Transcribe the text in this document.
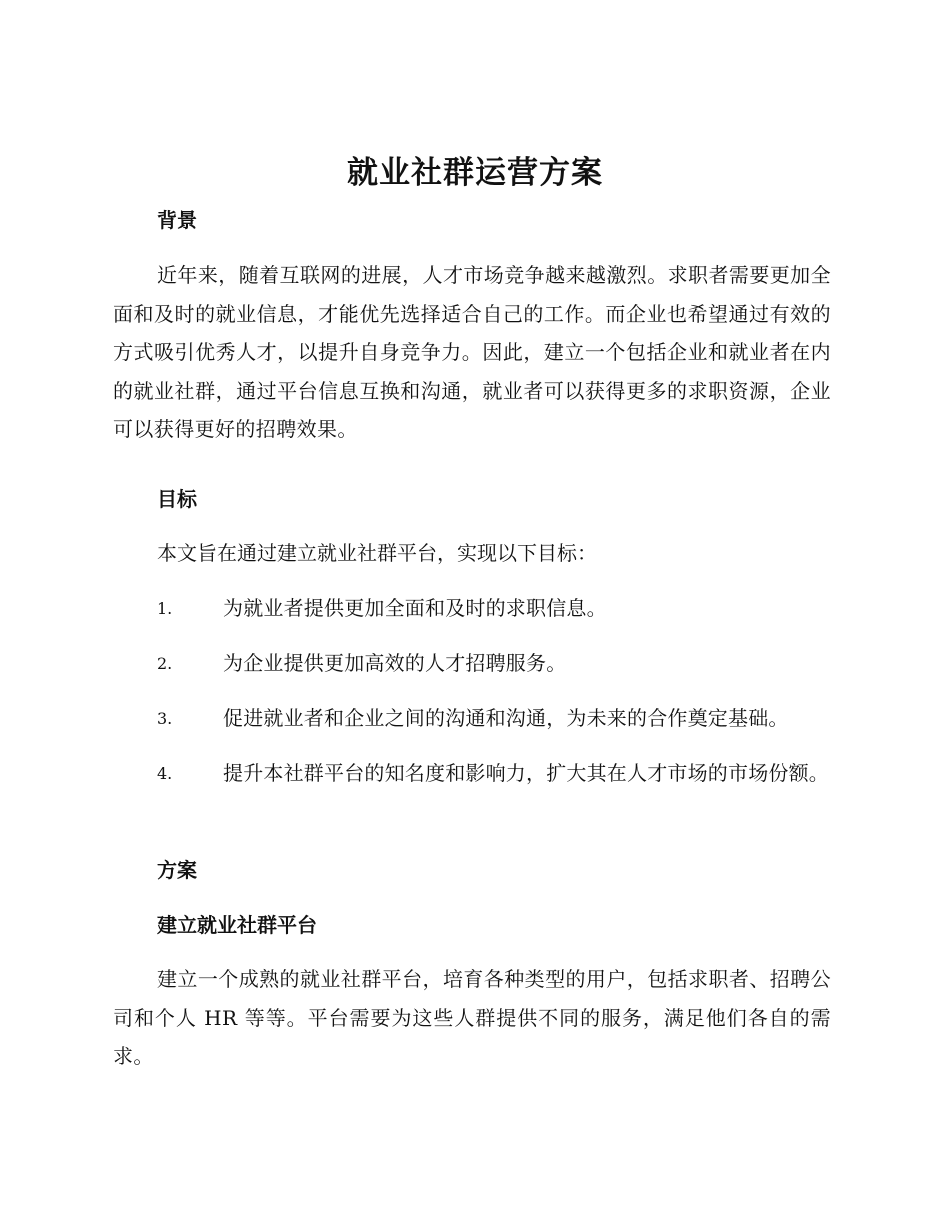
就业社群运营方案
背景
近年来，随着互联网的进展，人才市场竞争越来越激烈。求职者需要更加全面和及时的就业信息，才能优先选择适合自己的工作。而企业也希望通过有效的方式吸引优秀人才，以提升自身竞争力。因此，建立一个包括企业和就业者在内的就业社群，通过平台信息互换和沟通，就业者可以获得更多的求职资源，企业可以获得更好的招聘效果。
目标
本文旨在通过建立就业社群平台，实现以下目标：
1.	为就业者提供更加全面和及时的求职信息。
2.	为企业提供更加高效的人才招聘服务。
3.	促进就业者和企业之间的沟通和沟通，为未来的合作奠定基础。
4.	提升本社群平台的知名度和影响力，扩大其在人才市场的市场份额。
方案
建立就业社群平台
建立一个成熟的就业社群平台，培育各种类型的用户，包括求职者、招聘公司和个人 HR 等等。平台需要为这些人群提供不同的服务，满足他们各自的需求。
